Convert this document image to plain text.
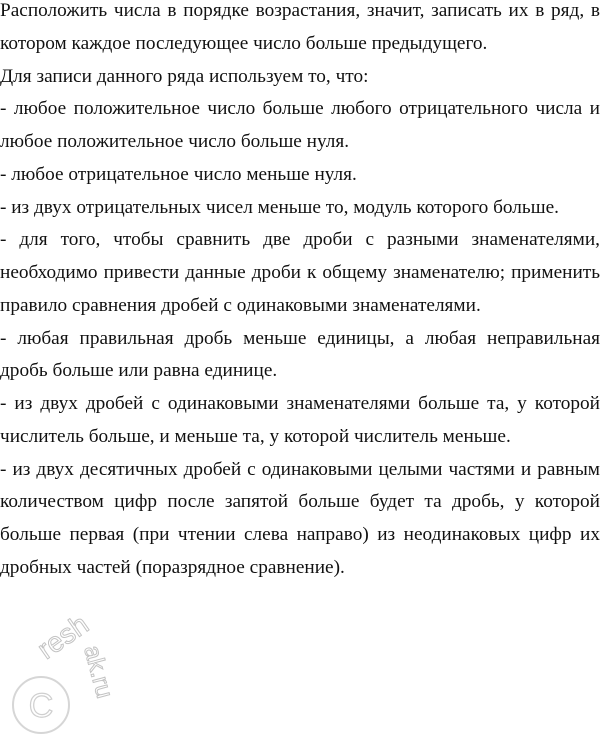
Расположить числа в порядке возрастания, значит, записать их в ряд, в котором каждое последующее число больше предыдущего.

Для записи данного ряда используем то, что:

- любое положительное число больше любого отрицательного числа и любое положительное число больше нуля.

- любое отрицательное число меньше нуля.

- из двух отрицательных чисел меньше то, модуль которого больше.

- для того, чтобы сравнить две дроби с разными знаменателями, необходимо привести данные дроби к общему знаменателю; применить правило сравнения дробей с одинаковыми знаменателями.

- любая правильная дробь меньше единицы, а любая неправильная дробь больше или равна единице.

- из двух дробей с одинаковыми знаменателями больше та, у которой числитель больше, и меньше та, у которой числитель меньше.

- из двух десятичных дробей с одинаковыми целыми частями и равным количеством цифр после запятой больше будет та дробь, у которой больше первая (при чтении слева направо) из неодинаковых цифр их дробных частей (поразрядное сравнение).

C
resh
ak.ru
